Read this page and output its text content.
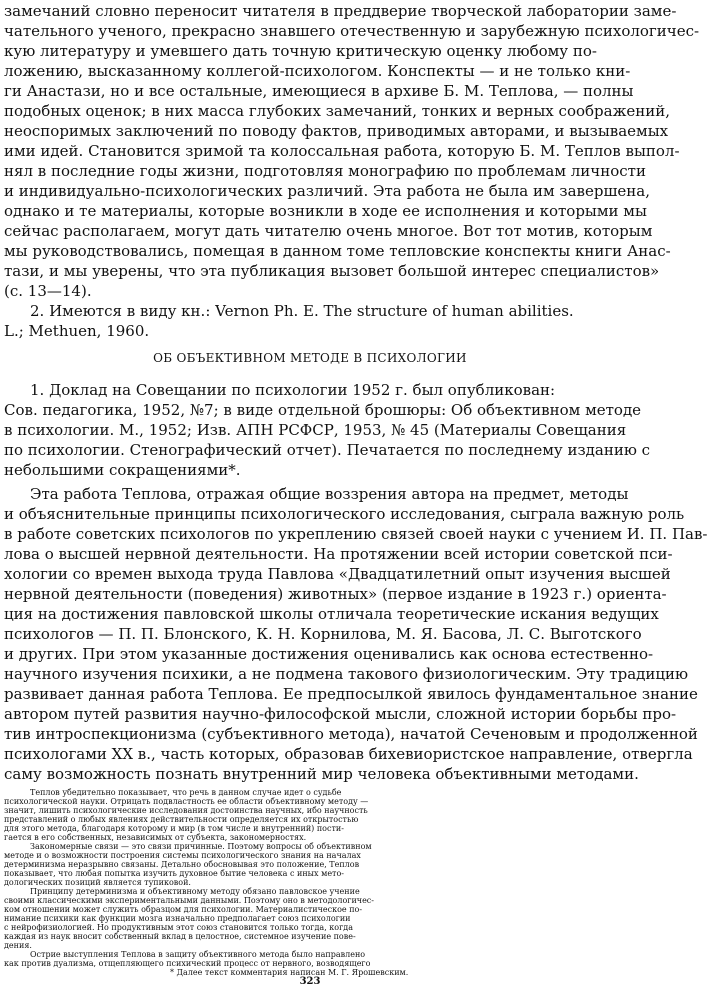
замечаний словно переносит читателя в преддверие творческой лаборатории заме-
чательного ученого, прекрасно знавшего отечественную и зарубежную психологичес-
кую литературу и умевшего дать точную критическую оценку любому по-
ложению, высказанному коллегой-психологом. Конспекты — и не только кни-
ги Анастази, но и все остальные, имеющиеся в архиве Б. М. Теплова, — полны
подобных оценок; в них масса глубоких замечаний, тонких и верных соображений,
неоспоримых заключений по поводу фактов, приводимых авторами, и вызываемых
ими идей. Становится зримой та колоссальная работа, которую Б. М. Теплов выпол-
нял в последние годы жизни, подготовляя монографию по проблемам личности
и индивидуально-психологических различий. Эта работа не была им завершена,
однако и те материалы, которые возникли в ходе ее исполнения и которыми мы
сейчас располагаем, могут дать читателю очень многое. Вот тот мотив, которым
мы руководствовались, помещая в данном томе тепловские конспекты книги Анас-
тази, и мы уверены, что эта публикация вызовет большой интерес специалистов»
(с. 13—14).
2. Имеются в виду кн.: Vernon Ph. E. The structure of human abilities.
L.; Methuen, 1960.
ОБ ОБЪЕКТИВНОМ МЕТОДЕ В ПСИХОЛОГИИ
1. Доклад на Совещании по психологии 1952 г. был опубликован:
Сов. педагогика, 1952, №7; в виде отдельной брошюры: Об объективном методе
в психологии. М., 1952; Изв. АПН РСФСР, 1953, № 45 (Материалы Совещания
по психологии. Стенографический отчет). Печатается по последнему изданию с
небольшими сокращениями*.
Эта работа Теплова, отражая общие воззрения автора на предмет, методы
и объяснительные принципы психологического исследования, сыграла важную роль
в работе советских психологов по укреплению связей своей науки с учением И. П. Пав-
лова о высшей нервной деятельности. На протяжении всей истории советской пси-
хологии со времен выхода труда Павлова «Двадцатилетний опыт изучения высшей
нервной деятельности (поведения) животных» (первое издание в 1923 г.) ориента-
ция на достижения павловской школы отличала теоретические искания ведущих
психологов — П. П. Блонского, К. Н. Корнилова, М. Я. Басова, Л. С. Выготского
и других. При этом указанные достижения оценивались как основа естественно-
научного изучения психики, а не подмена такового физиологическим. Эту традицию
развивает данная работа Теплова. Ее предпосылкой явилось фундаментальное знание
автором путей развития научно-философской мысли, сложной истории борьбы про-
тив интроспекционизма (субъективного метода), начатой Сеченовым и продолженной
психологами XX в., часть которых, образовав бихевиористское направление, отвергла
саму возможность познать внутренний мир человека объективными методами.
Теплов убедительно показывает, что речь в данном случае идет о судьбе
психологической науки. Отрицать подвластность ее области объективному методу —
значит, лишить психологические исследования достоинства научных, ибо научность
представлений о любых явлениях действительности определяется их открытостью
для этого метода, благодаря которому и мир (в том числе и внутренний) пости-
гается в его собственных, независимых от субъекта, закономерностях.
Закономерные связи — это связи причинные. Поэтому вопросы об объективном
методе и о возможности построения системы психологического знания на началах
детерминизма неразрывно связаны. Детально обосновывая это положение, Теплов
показывает, что любая попытка изучить духовное бытие человека с иных мето-
дологических позиций является тупиковой.
Принципу детерминизма и объективному методу обязано павловское учение
своими классическими экспериментальными данными. Поэтому оно в методологичес-
ком отношении может служить образцом для психологии. Материалистическое по-
нимание психики как функции мозга изначально предполагает союз психологии
с нейрофизиологией. Но продуктивным этот союз становится только тогда, когда
каждая из наук вносит собственный вклад в целостное, системное изучение пове-
дения.
Острие выступления Теплова в защиту объективного метода было направлено
как против дуализма, отщепляющего психический процесс от нервного, возводящего
* Далее текст комментария написан М. Г. Ярошевским.
323
